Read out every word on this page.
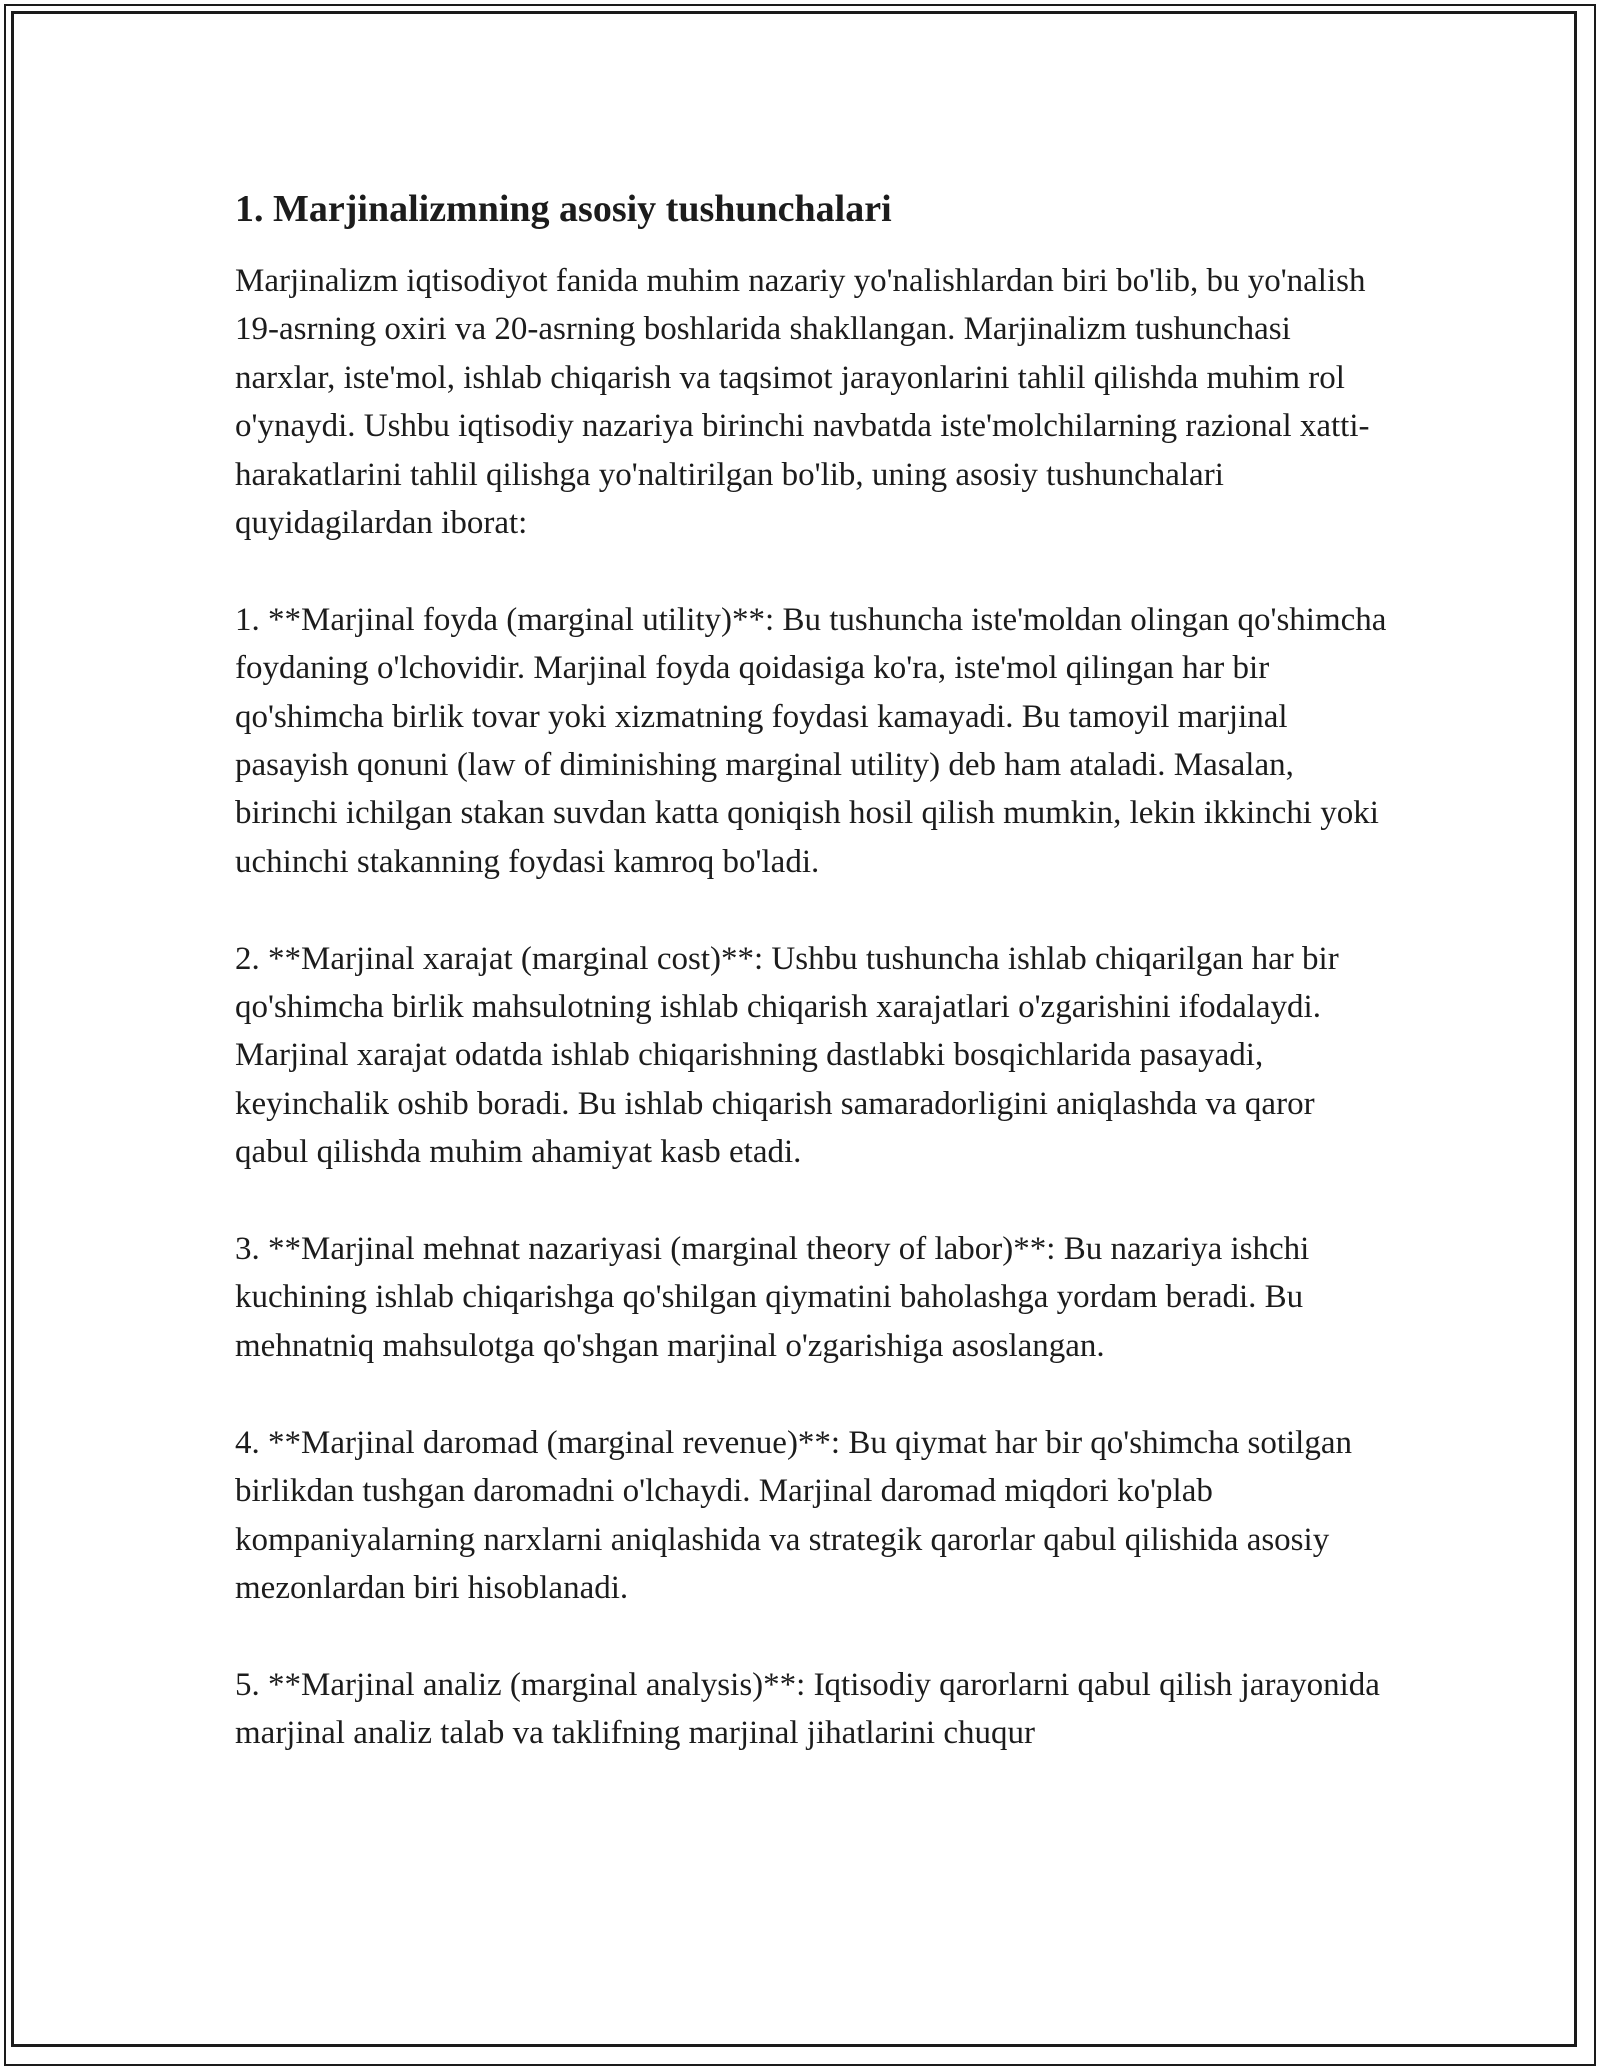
1. Marjinalizmning asosiy tushunchalari

Marjinalizm iqtisodiyot fanida muhim nazariy yo'nalishlardan biri bo'lib, bu yo'nalish 19-asrning oxiri va 20-asrning boshlarida shakllangan. Marjinalizm tushunchasi narxlar, iste'mol, ishlab chiqarish va taqsimot jarayonlarini tahlil qilishda muhim rol o'ynaydi. Ushbu iqtisodiy nazariya birinchi navbatda iste'molchilarning razional xatti-harakatlarini tahlil qilishga yo'naltirilgan bo'lib, uning asosiy tushunchalari quyidagilardan iborat:

1. **Marjinal foyda (marginal utility)**: Bu tushuncha iste'moldan olingan qo'shimcha foydaning o'lchovidir. Marjinal foyda qoidasiga ko'ra, iste'mol qilingan har bir qo'shimcha birlik tovar yoki xizmatning foydasi kamayadi. Bu tamoyil marjinal pasayish qonuni (law of diminishing marginal utility) deb ham ataladi. Masalan, birinchi ichilgan stakan suvdan katta qoniqish hosil qilish mumkin, lekin ikkinchi yoki uchinchi stakanning foydasi kamroq bo'ladi.

2. **Marjinal xarajat (marginal cost)**: Ushbu tushuncha ishlab chiqarilgan har bir qo'shimcha birlik mahsulotning ishlab chiqarish xarajatlari o'zgarishini ifodalaydi. Marjinal xarajat odatda ishlab chiqarishning dastlabki bosqichlarida pasayadi, keyinchalik oshib boradi. Bu ishlab chiqarish samaradorligini aniqlashda va qaror qabul qilishda muhim ahamiyat kasb etadi.

3. **Marjinal mehnat nazariyasi (marginal theory of labor)**: Bu nazariya ishchi kuchining ishlab chiqarishga qo'shilgan qiymatini baholashga yordam beradi. Bu mehnatniq mahsulotga qo'shgan marjinal o'zgarishiga asoslangan.

4. **Marjinal daromad (marginal revenue)**: Bu qiymat har bir qo'shimcha sotilgan birlikdan tushgan daromadni o'lchaydi. Marjinal daromad miqdori ko'plab kompaniyalarning narxlarni aniqlashida va strategik qarorlar qabul qilishida asosiy mezonlardan biri hisoblanadi.

5. **Marjinal analiz (marginal analysis)**: Iqtisodiy qarorlarni qabul qilish jarayonida marjinal analiz talab va taklifning marjinal jihatlarini chuqur
